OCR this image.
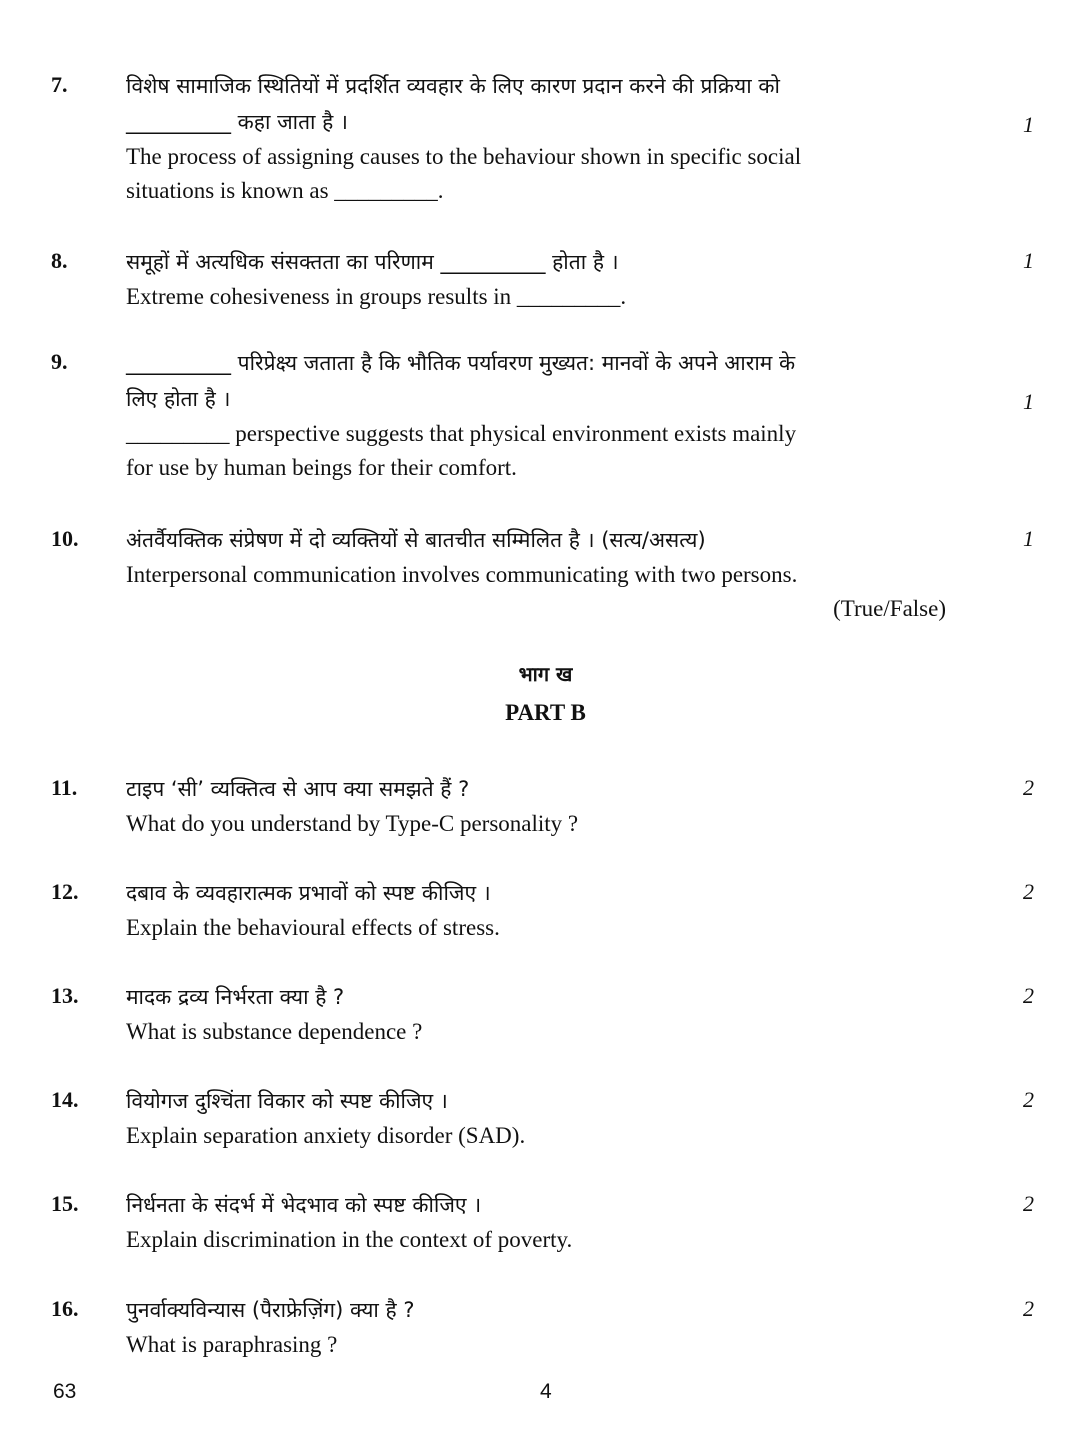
7.	विशेष सामाजिक स्थितियों में प्रदर्शित व्यवहार के लिए कारण प्रदान करने की प्रक्रिया को
__________ कहा जाता है ।
The process of assigning causes to the behaviour shown in specific social
situations is known as _________.
1
8.	समूहों में अत्यधिक संसक्तता का परिणाम __________ होता है ।
Extreme cohesiveness in groups results in _________.
1
9.	__________ परिप्रेक्ष्य जताता है कि भौतिक पर्यावरण मुख्यत: मानवों के अपने आराम के
लिए होता है ।
_________ perspective suggests that physical environment exists mainly
for use by human beings for their comfort.
1
10. अंतर्वैयक्तिक संप्रेषण में दो व्यक्तियों से बातचीत सम्मिलित है । (सत्य/असत्य)
Interpersonal communication involves communicating with two persons.
(True/False)
1
भाग ख
PART B
11. टाइप ‘सी’ व्यक्तित्व से आप क्या समझते हैं ?
What do you understand by Type-C personality ?
2
12. दबाव के व्यवहारात्मक प्रभावों को स्पष्ट कीजिए ।
Explain the behavioural effects of stress.
2
13. मादक द्रव्य निर्भरता क्या है ?
What is substance dependence ?
2
14. वियोगज दुश्चिंता विकार को स्पष्ट कीजिए ।
Explain separation anxiety disorder (SAD).
2
15. निर्धनता के संदर्भ में भेदभाव को स्पष्ट कीजिए ।
Explain discrimination in the context of poverty.
2
16. पुनर्वाक्यविन्यास (पैराफ्रेज़िंग) क्या है ?
What is paraphrasing ?
2
63	4
